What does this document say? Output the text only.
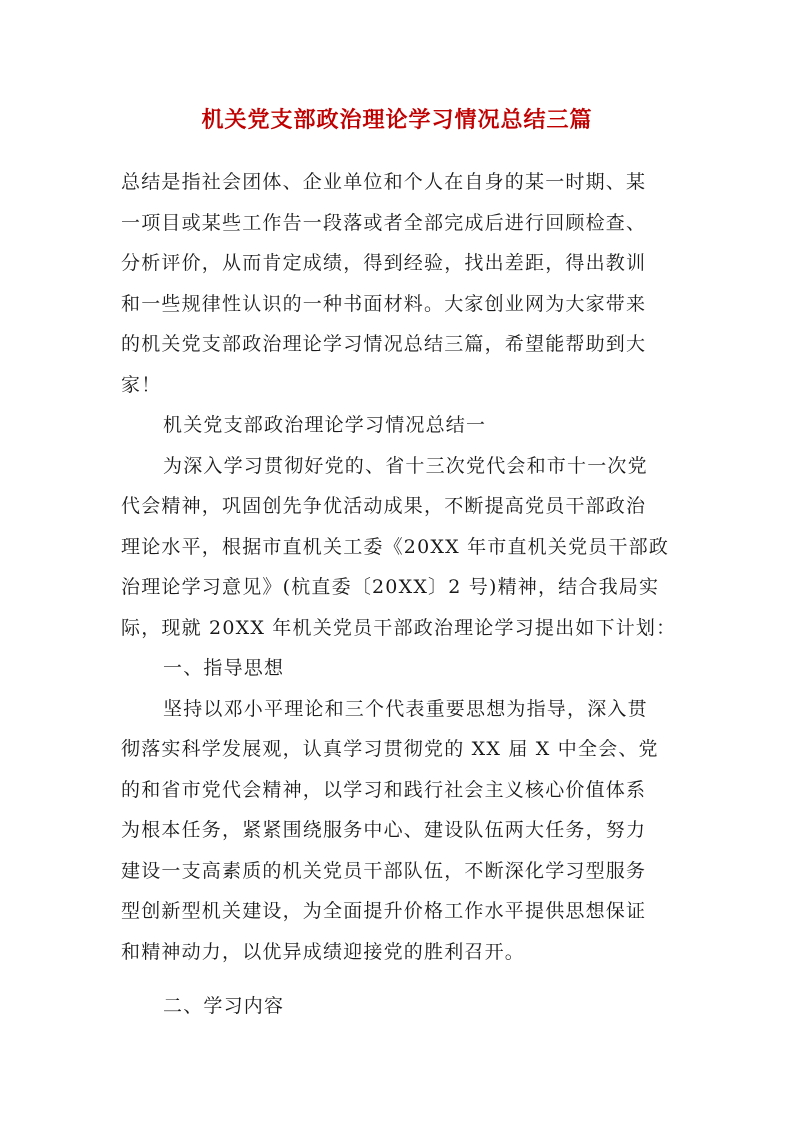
机关党支部政治理论学习情况总结三篇
总结是指社会团体、企业单位和个人在自身的某一时期、某
一项目或某些工作告一段落或者全部完成后进行回顾检查、
分析评价，从而肯定成绩，得到经验，找出差距，得出教训
和一些规律性认识的一种书面材料。大家创业网为大家带来
的机关党支部政治理论学习情况总结三篇，希望能帮助到大
家！
机关党支部政治理论学习情况总结一
为深入学习贯彻好党的、省十三次党代会和市十一次党
代会精神，巩固创先争优活动成果，不断提高党员干部政治
理论水平，根据市直机关工委《20XX 年市直机关党员干部政
治理论学习意见》(杭直委〔20XX〕2 号)精神，结合我局实
际，现就 20XX 年机关党员干部政治理论学习提出如下计划：
一、指导思想
坚持以邓小平理论和三个代表重要思想为指导，深入贯
彻落实科学发展观，认真学习贯彻党的 XX 届 X 中全会、党
的和省市党代会精神，以学习和践行社会主义核心价值体系
为根本任务，紧紧围绕服务中心、建设队伍两大任务，努力
建设一支高素质的机关党员干部队伍，不断深化学习型服务
型创新型机关建设，为全面提升价格工作水平提供思想保证
和精神动力，以优异成绩迎接党的胜利召开。
二、学习内容
